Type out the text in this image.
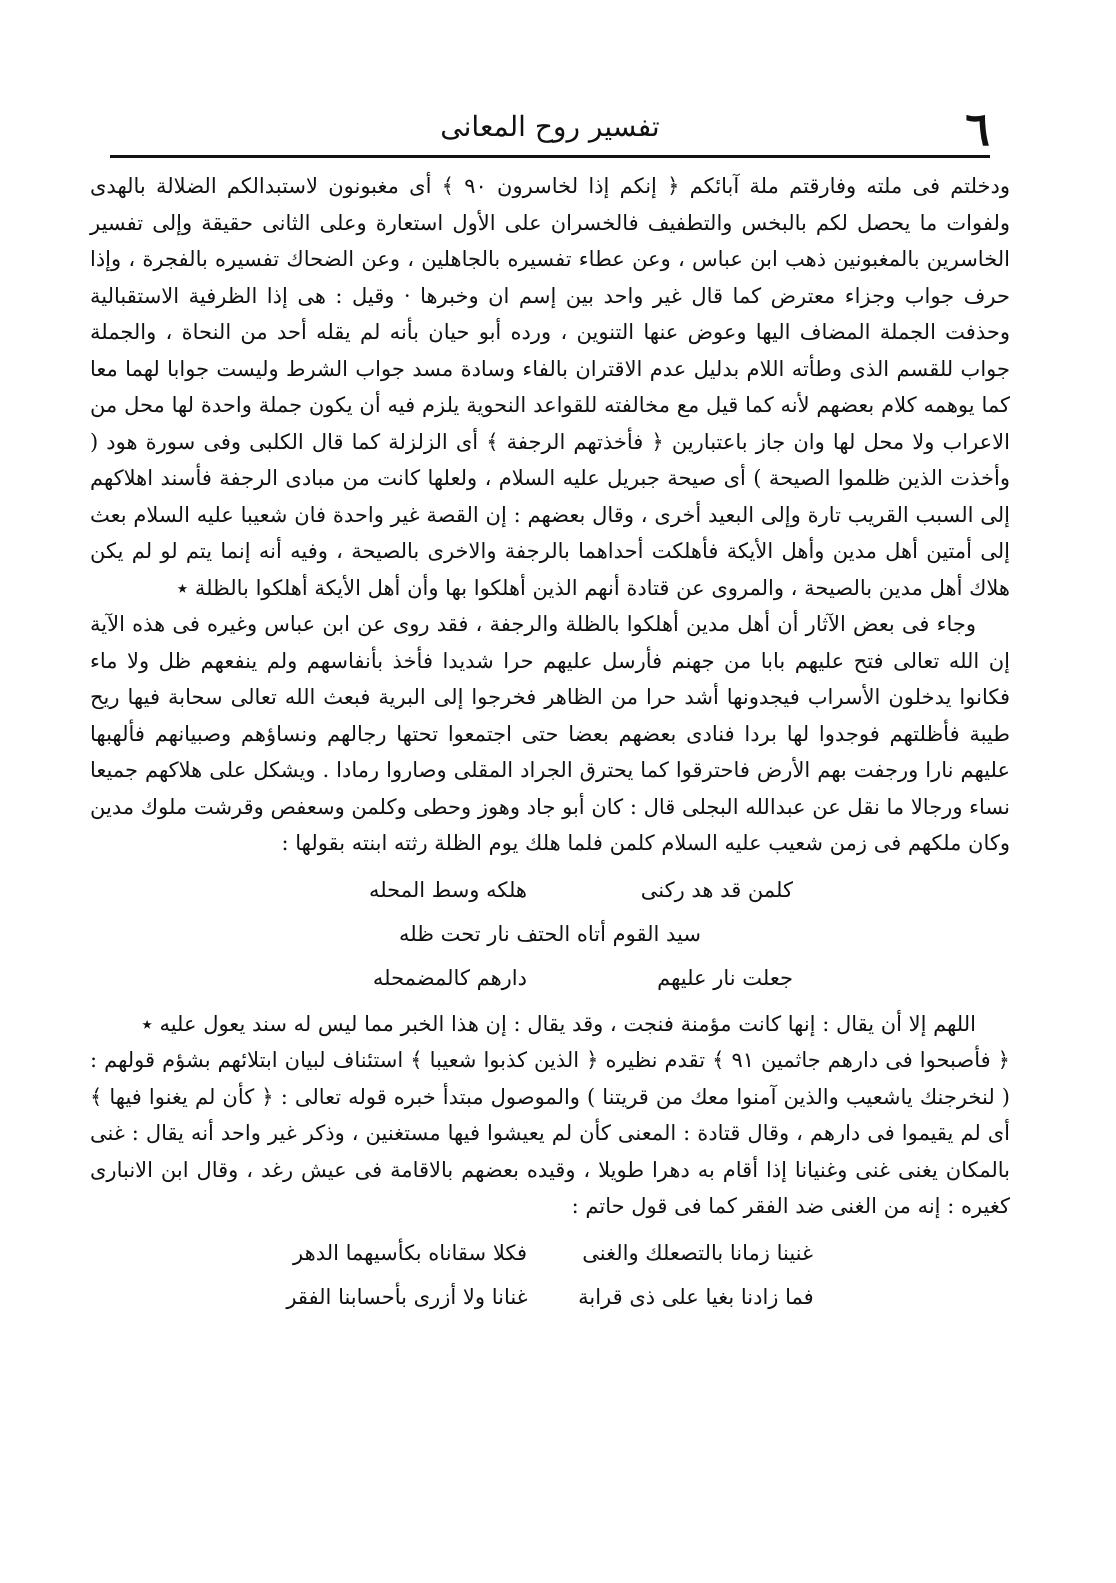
٦
تفسير روح المعانى

ودخلتم فى ملته وفارقتم ملة آبائكم ﴿ إنكم إذا لخاسرون ٩٠ ﴾ أى مغبونون لاستبدالكم الضلالة بالهدى ولفوات ما يحصل لكم بالبخس والتطفيف فالخسران على الأول استعارة وعلى الثانى حقيقة وإلى تفسير الخاسرين بالمغبونين ذهب ابن عباس ، وعن عطاء تفسيره بالجاهلين ، وعن الضحاك تفسيره بالفجرة ، وإذا حرف جواب وجزاء معترض كما قال غير واحد بين إسم ان وخبرها · وقيل : هى إذا الظرفية الاستقبالية وحذفت الجملة المضاف اليها وعوض عنها التنوين ، ورده أبو حيان بأنه لم يقله أحد من النحاة ، والجملة جواب للقسم الذى وطأته اللام بدليل عدم الاقتران بالفاء وسادة مسد جواب الشرط وليست جوابا لهما معا كما يوهمه كلام بعضهم لأنه كما قيل مع مخالفته للقواعد النحوية يلزم فيه أن يكون جملة واحدة لها محل من الاعراب ولا محل لها وان جاز باعتبارين ﴿ فأخذتهم الرجفة ﴾ أى الزلزلة كما قال الكلبى وفى سورة هود ( وأخذت الذين ظلموا الصيحة ) أى صيحة جبريل عليه السلام ، ولعلها كانت من مبادى الرجفة فأسند اهلاكهم إلى السبب القريب تارة وإلى البعيد أخرى ، وقال بعضهم : إن القصة غير واحدة فان شعيبا عليه السلام بعث إلى أمتين أهل مدين وأهل الأيكة فأهلكت أحداهما بالرجفة والاخرى بالصيحة ، وفيه أنه إنما يتم لو لم يكن هلاك أهل مدين بالصيحة ، والمروى عن قتادة أنهم الذين أهلكوا بها وأن أهل الأيكة أهلكوا بالظلة ٭

وجاء فى بعض الآثار أن أهل مدين أهلكوا بالظلة والرجفة ، فقد روى عن ابن عباس وغيره فى هذه الآية إن الله تعالى فتح عليهم بابا من جهنم فأرسل عليهم حرا شديدا فأخذ بأنفاسهم ولم ينفعهم ظل ولا ماء فكانوا يدخلون الأسراب فيجدونها أشد حرا من الظاهر فخرجوا إلى البرية فبعث الله تعالى سحابة فيها ريح طيبة فأظلتهم فوجدوا لها بردا فنادى بعضهم بعضا حتى اجتمعوا تحتها رجالهم ونساؤهم وصبيانهم فألهبها عليهم نارا ورجفت بهم الأرض فاحترقوا كما يحترق الجراد المقلى وصاروا رمادا . ويشكل على هلاكهم جميعا نساء ورجالا ما نقل عن عبدالله البجلى قال : كان أبو جاد وهوز وحطى وكلمن وسعفص وقرشت ملوك مدين وكان ملكهم فى زمن شعيب عليه السلام كلمن فلما هلك يوم الظلة رثته ابنته بقولها :

كلمن قد هد ركنى
هلكه وسط المحله
سيد القوم أتاه الحتف نار تحت ظله
جعلت نار عليهم
دارهم كالمضمحله

اللهم إلا أن يقال : إنها كانت مؤمنة فنجت ، وقد يقال : إن هذا الخبر مما ليس له سند يعول عليه ٭

﴿ فأصبحوا فى دارهم جاثمين ٩١ ﴾ تقدم نظيره ﴿ الذين كذبوا شعيبا ﴾ استئناف لبيان ابتلائهم بشؤم قولهم : ( لنخرجنك ياشعيب والذين آمنوا معك من قريتنا ) والموصول مبتدأ خبره قوله تعالى : ﴿ كأن لم يغنوا فيها ﴾ أى لم يقيموا فى دارهم ، وقال قتادة : المعنى كأن لم يعيشوا فيها مستغنين ، وذكر غير واحد أنه يقال : غنى بالمكان يغنى غنى وغنيانا إذا أقام به دهرا طويلا ، وقيده بعضهم بالاقامة فى عيش رغد ، وقال ابن الانبارى كغيره : إنه من الغنى ضد الفقر كما فى قول حاتم :

غنينا زمانا بالتصعلك والغنى
فكلا سقاناه بكأسيهما الدهر
فما زادنا بغيا على ذى قرابة
غنانا ولا أزرى بأحسابنا الفقر
